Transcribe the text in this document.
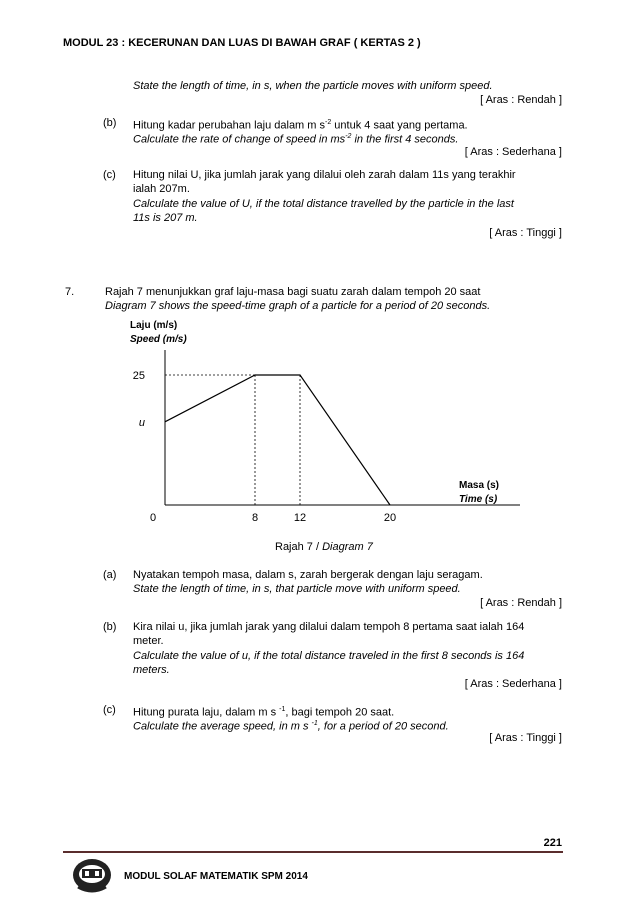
MODUL 23 : KECERUNAN DAN LUAS DI BAWAH GRAF ( KERTAS 2 )
State the length of time, in s, when the particle moves with uniform speed.
[ Aras : Rendah ]
(b) Hitung kadar perubahan laju dalam m $s^{-2}$ untuk 4 saat yang pertama.
Calculate the rate of change of speed in $ms^{-2}$ in the first 4 seconds.
[ Aras : Sederhana ]
(c) Hitung nilai U, jika jumlah jarak yang dilalui oleh zarah dalam 11s yang terakhir
ialah 207m.
Calculate the value of U, if the total distance travelled by the particle in the last
11s is 207 m.
[ Aras : Tinggi ]
7.	Rajah 7 menunjukkan graf laju-masa bagi suatu zarah dalam tempoh 20 saat
Diagram 7 shows the speed-time graph of a particle for a period of 20 seconds.
Laju (m/s)
Speed (m/s)
25
u
0	8	12	20
Masa (s)
Time (s)
Rajah 7 / Diagram 7
(a) Nyatakan tempoh masa, dalam s, zarah bergerak dengan laju seragam.
State the length of time, in s, that particle move with uniform speed.
[ Aras : Rendah ]
(b) Kira nilai u, jika jumlah jarak yang dilalui dalam tempoh 8 pertama saat ialah 164
meter.
Calculate the value of u, if the total distance traveled in the first 8 seconds is 164
meters.
[ Aras : Sederhana ]
(c) Hitung purata laju, dalam m s $^{-1}$, bagi tempoh 20 saat.
Calculate the average speed, in m s $^{-1}$, for a period of 20 second.
[ Aras : Tinggi ]
221
MODUL SOLAF MATEMATIK SPM 2014
